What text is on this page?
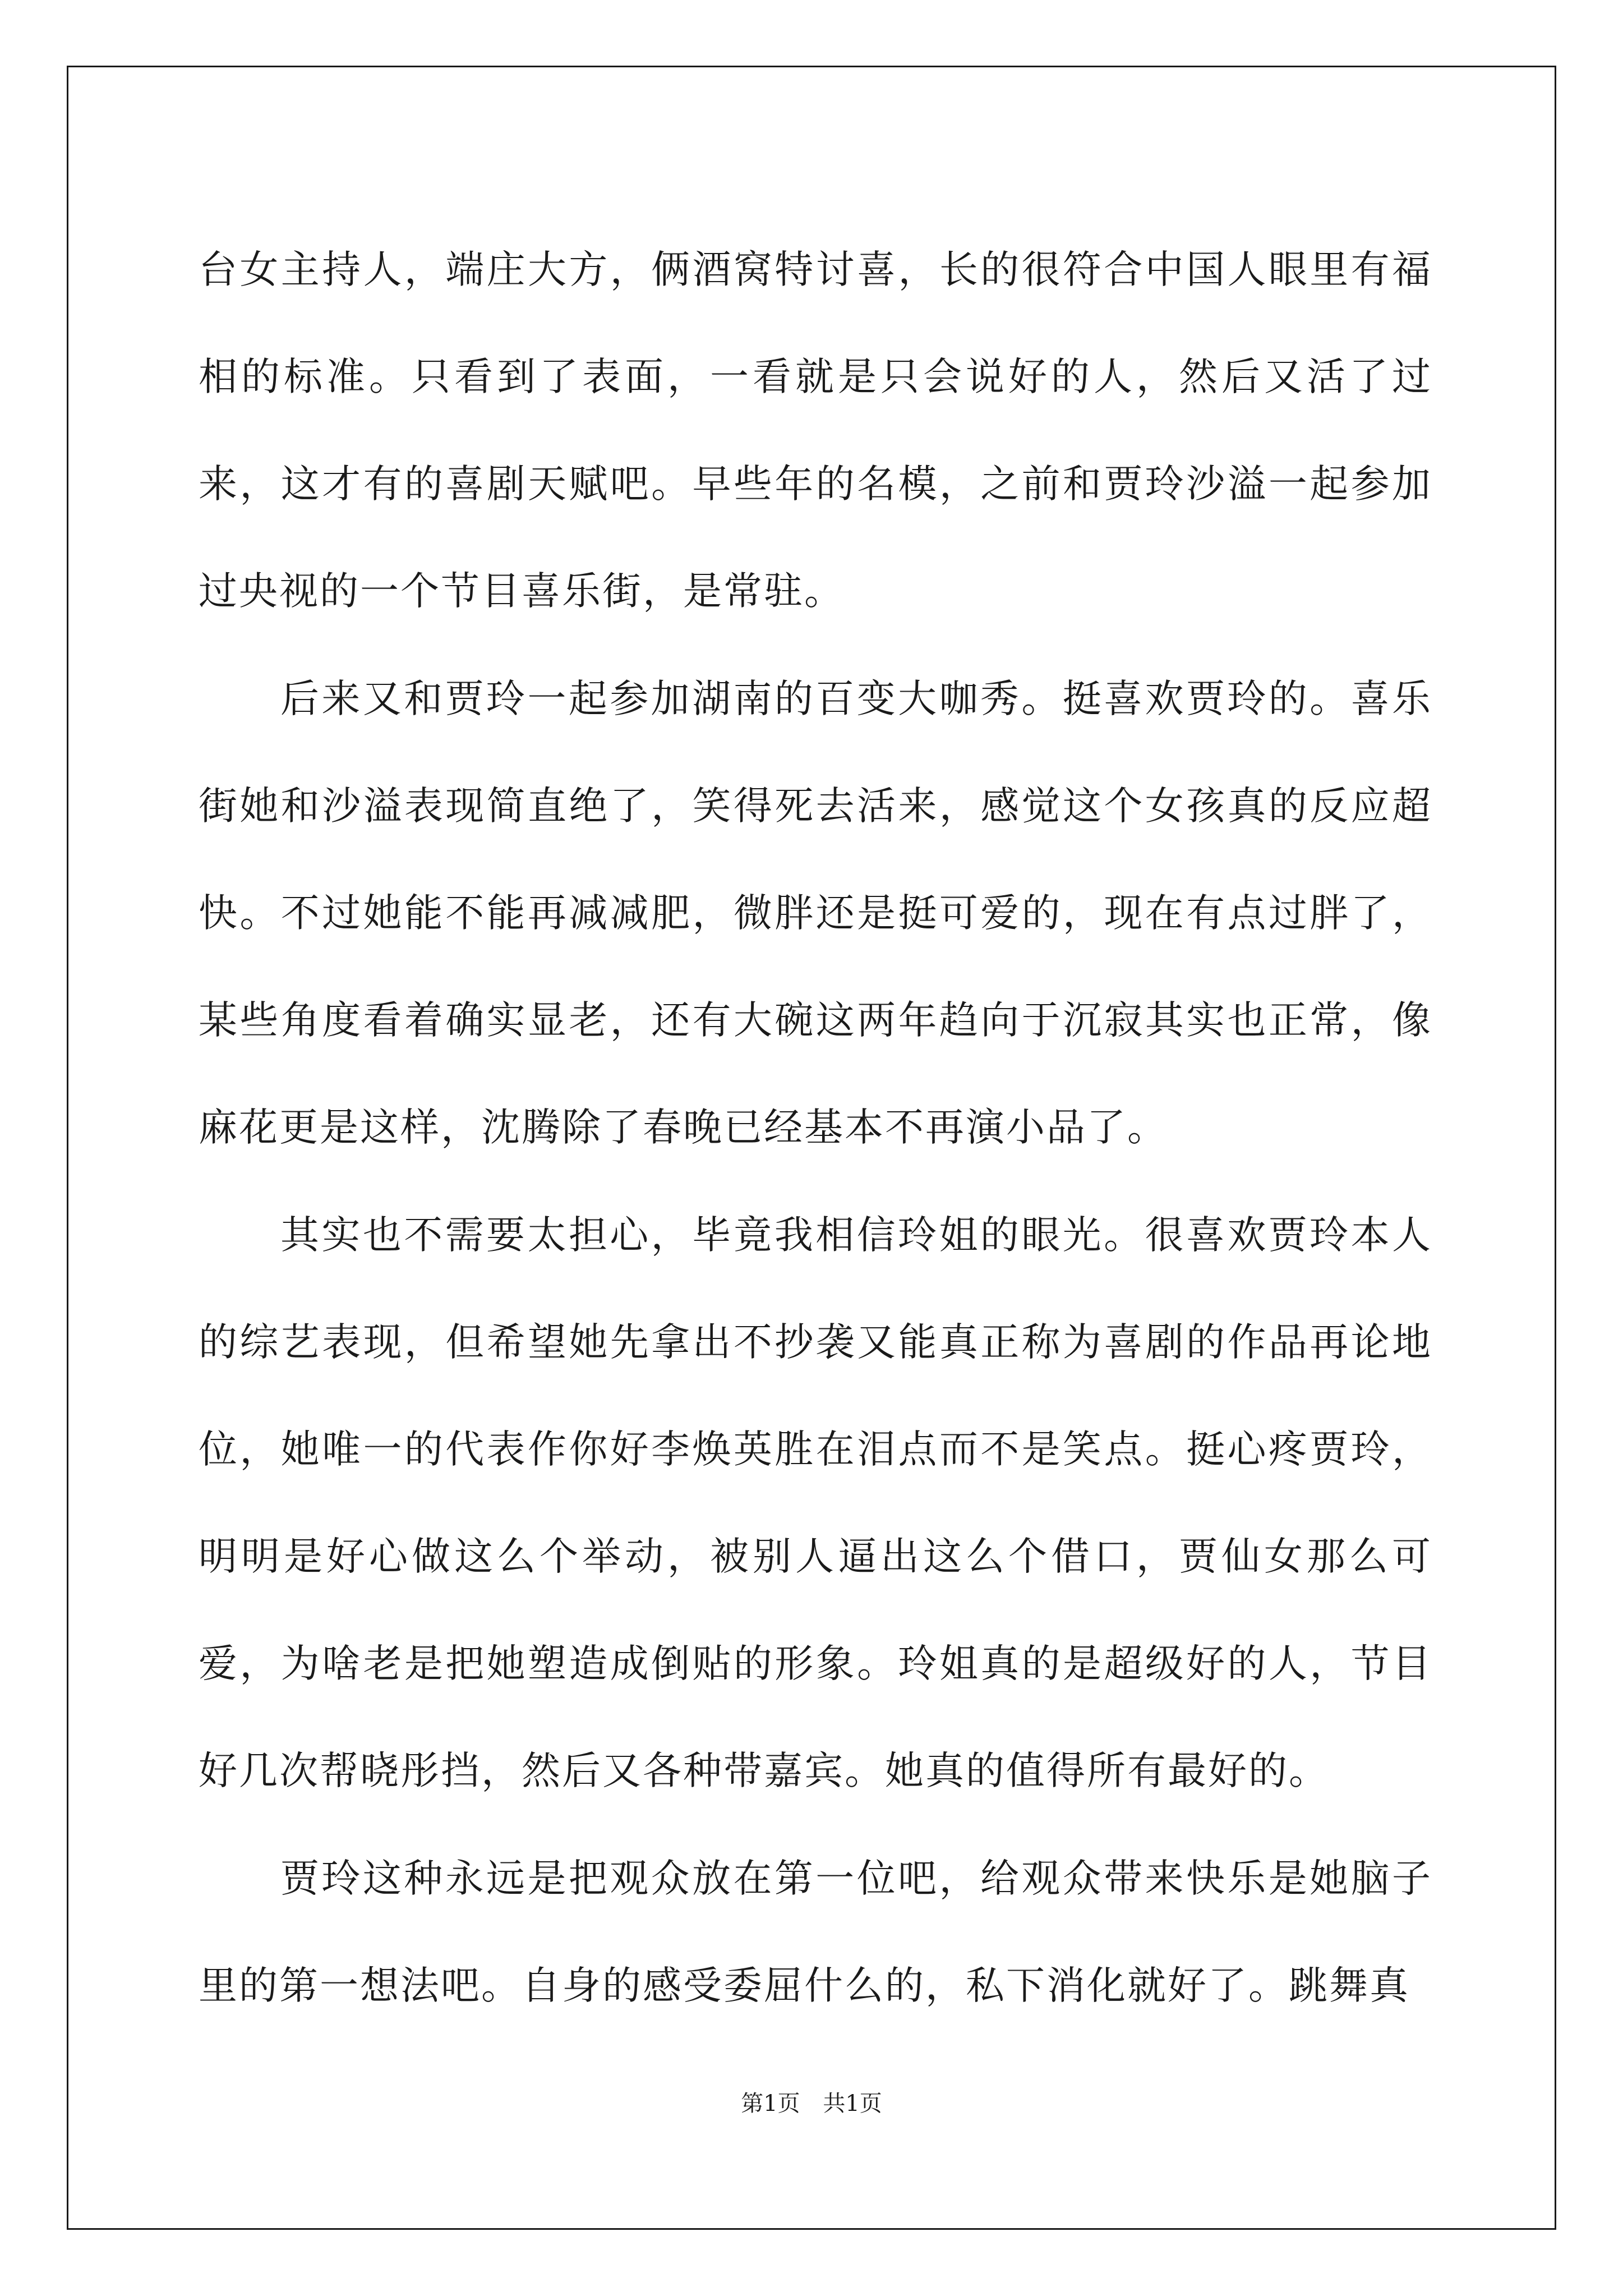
台女主持人，端庄大方，俩酒窝特讨喜，长的很符合中国人眼里有福相的标准。只看到了表面，一看就是只会说好的人，然后又活了过来，这才有的喜剧天赋吧。早些年的名模，之前和贾玲沙溢一起参加过央视的一个节目喜乐街，是常驻。

后来又和贾玲一起参加湖南的百变大咖秀。挺喜欢贾玲的。喜乐街她和沙溢表现简直绝了，笑得死去活来，感觉这个女孩真的反应超快。不过她能不能再减减肥，微胖还是挺可爱的，现在有点过胖了，某些角度看着确实显老，还有大碗这两年趋向于沉寂其实也正常，像麻花更是这样，沈腾除了春晚已经基本不再演小品了。

其实也不需要太担心，毕竟我相信玲姐的眼光。很喜欢贾玲本人的综艺表现，但希望她先拿出不抄袭又能真正称为喜剧的作品再论地位，她唯一的代表作你好李焕英胜在泪点而不是笑点。挺心疼贾玲，明明是好心做这么个举动，被别人逼出这么个借口，贾仙女那么可爱，为啥老是把她塑造成倒贴的形象。玲姐真的是超级好的人，节目好几次帮晓彤挡，然后又各种带嘉宾。她真的值得所有最好的。

贾玲这种永远是把观众放在第一位吧，给观众带来快乐是她脑子里的第一想法吧。自身的感受委屈什么的，私下消化就好了。跳舞真

第1页 共1页
